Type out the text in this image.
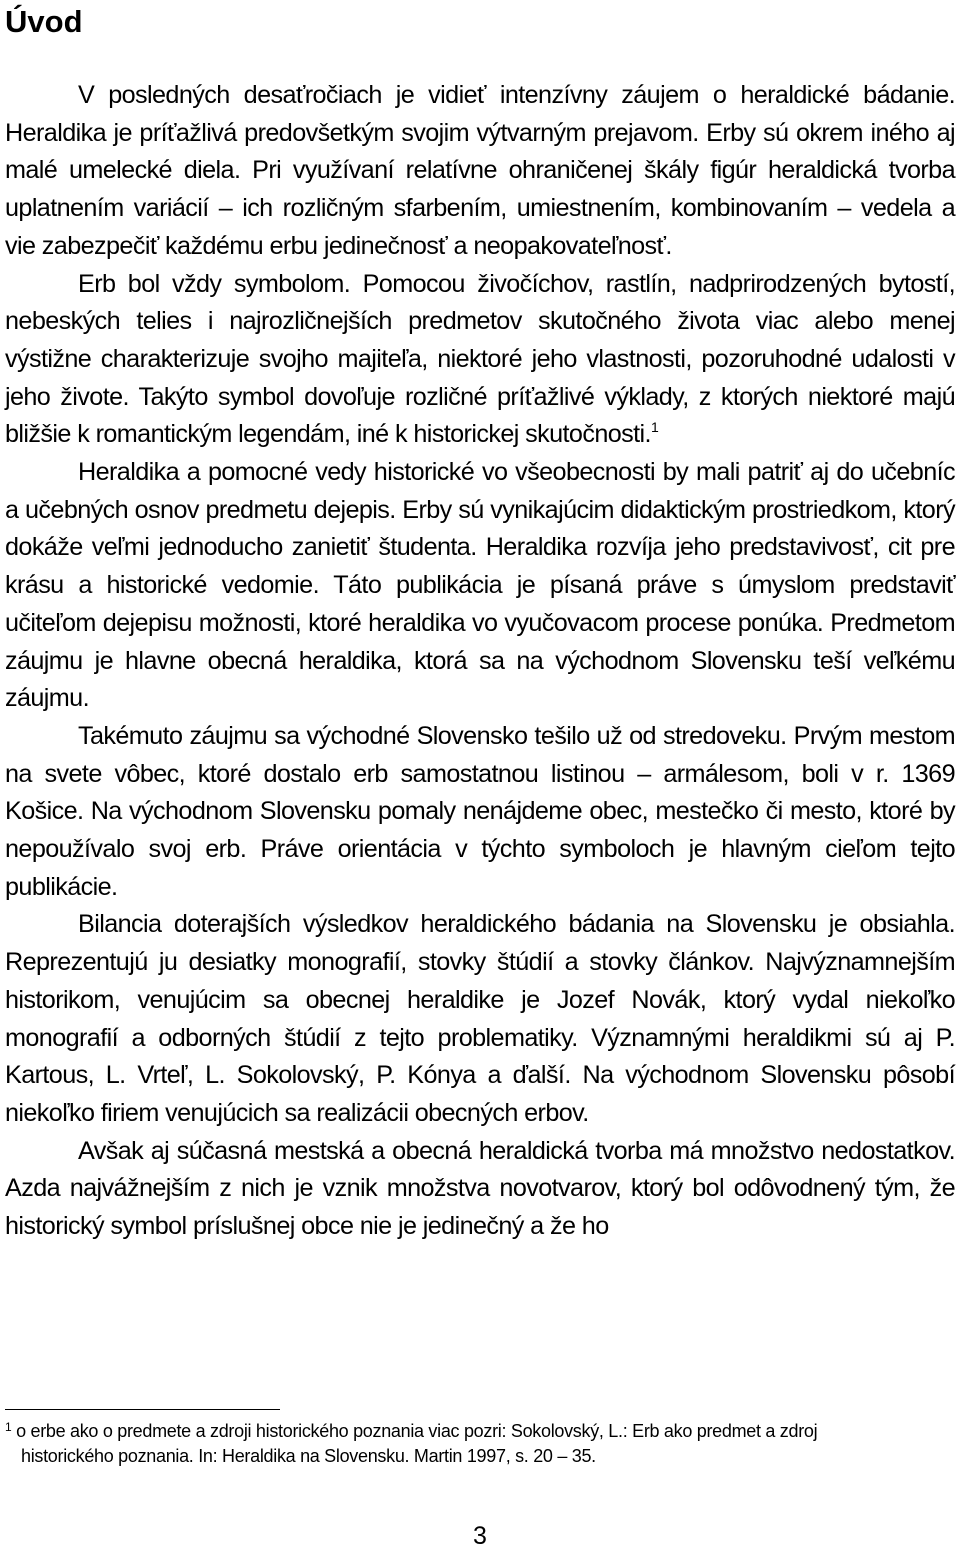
Úvod

V posledných desaťročiach je vidieť intenzívny záujem o heraldické bádanie. Heraldika je príťažlivá predovšetkým svojim výtvarným prejavom. Erby sú okrem iného aj malé umelecké diela. Pri využívaní relatívne ohraničenej škály figúr heraldická tvorba uplatnením variácií – ich rozličným sfarbením, umiestnením, kombinovaním – vedela a vie zabezpečiť každému erbu jedinečnosť a neopakovateľnosť.

Erb bol vždy symbolom. Pomocou živočíchov, rastlín, nadprirodzených bytostí, nebeských telies i najrozličnejších predmetov skutočného života viac alebo menej výstižne charakterizuje svojho majiteľa, niektoré jeho vlastnosti, pozoruhodné udalosti v jeho živote. Takýto symbol dovoľuje rozličné príťažlivé výklady, z ktorých niektoré majú bližšie k romantickým legendám, iné k historickej skutočnosti.$^1$

Heraldika a pomocné vedy historické vo všeobecnosti by mali patriť aj do učebníc a učebných osnov predmetu dejepis. Erby sú vynikajúcim didaktickým prostriedkom, ktorý dokáže veľmi jednoducho zanietiť študenta. Heraldika rozvíja jeho predstavivosť, cit pre krásu a historické vedomie. Táto publikácia je písaná práve s úmyslom predstaviť učiteľom dejepisu možnosti, ktoré heraldika vo vyučovacom procese ponúka. Predmetom záujmu je hlavne obecná heraldika, ktorá sa na východnom Slovensku teší veľkému záujmu.

Takémuto záujmu sa východné Slovensko tešilo už od stredoveku. Prvým mestom na svete vôbec, ktoré dostalo erb samostatnou listinou – armálesom, boli v r. 1369 Košice. Na východnom Slovensku pomaly nenájdeme obec, mestečko či mesto, ktoré by nepoužívalo svoj erb. Práve orientácia v týchto symboloch je hlavným cieľom tejto publikácie.

Bilancia doterajších výsledkov heraldického bádania na Slovensku je obsiahla. Reprezentujú ju desiatky monografií, stovky štúdií a stovky článkov. Najvýznamnejším historikom, venujúcim sa obecnej heraldike je Jozef Novák, ktorý vydal niekoľko monografií a odborných štúdií z tejto problematiky. Významnými heraldikmi sú aj P. Kartous, L. Vrteľ, L. Sokolovský, P. Kónya a ďalší. Na východnom Slovensku pôsobí niekoľko firiem venujúcich sa realizácii obecných erbov.

Avšak aj súčasná mestská a obecná heraldická tvorba má množstvo nedostatkov. Azda najvážnejším z nich je vznik množstva novotvarov, ktorý bol odôvodnený tým, že historický symbol príslušnej obce nie je jedinečný a že ho

$^1$ o erbe ako o predmete a zdroji historického poznania viac pozri: Sokolovský, L.: Erb ako predmet a zdroj
historického poznania. In: Heraldika na Slovensku. Martin 1997, s. 20 – 35.
3
